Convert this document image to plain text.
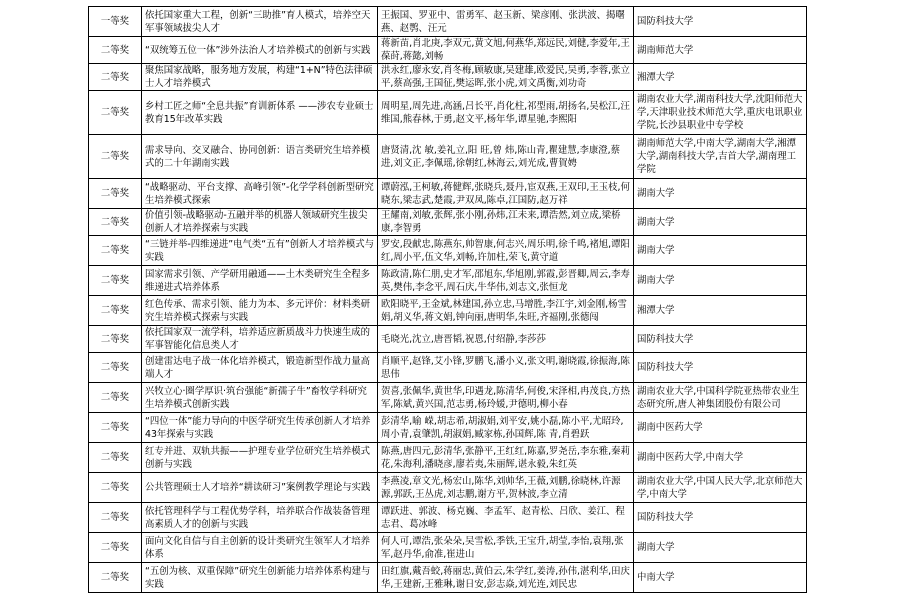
一等奖	依托国家重大工程，创新“三助推”育人模式，培养空天军事领域拔尖人才	王振国、罗亚中、雷勇军、赵玉新、梁彦刚、张洪波、揭曙燕、赵鹗、汪元	国防科技大学
二等奖	“双统筹五位一体”涉外法治人才培养模式的创新与实践	蒋新苗,肖北庚,李双元,黄文旭,何燕华,郑远民,刘健,李爱年,王葆莳,蒋懿,刘畅	湖南师范大学
二等奖	聚焦国家战略，服务地方发展，构建“1+N”特色法律硕士人才培养模式	洪永红,廖永安,肖冬梅,顾敏康,吴建雄,欧爱民,吴勇,李蓉,张立平,蔡高强,王国征,樊运晖,张小虎,刘文禹衡,刘功奇	湘潭大学
二等奖	乡村工匠之师“全息共振”育训新体系 ——涉农专业硕士教育15年改革实践	周明星,周先进,高涵,吕长平,肖化柱,祁型雨,胡扬名,吴松江,汪维国,熊春林,于勇,赵文平,杨年华,谭星驰,李熙阳	湖南农业大学,湖南科技大学,沈阳师范大学,天津职业技术师范大学,重庆电讯职业学院,长沙县职业中专学校
二等奖	需求导向、交叉融合、协同创新：语言类研究生培养模式的二十年湖南实践	唐贤清,沈 敏,姜礼立,阳 旺,曾 炜,陈山青,瞿建慧,李康澄,蔡 进,刘文正,李佩瑶,徐朝红,林海云,刘光成,曹賀娉	湖南师范大学,中南大学,湖南大学,湘潭大学,湖南科技大学,吉首大学,湖南理工学院
二等奖	“战略驱动、平台支撑、高峰引领”-化学学科创新型研究生培养模式探索	谭蔚泓,王柯敏,蒋健辉,张晓兵,聂丹,宦双燕,王双印,王玉枝,何晓东,梁志武,楚霞,尹双凤,陈卓,江国防,赵万祥	湖南大学
二等奖	价值引领-战略驱动-五融并举的机器人领域研究生拔尖创新人才培养探索与实践	王耀南,刘敏,张辉,张小刚,孙炜,江未来,谭浩然,刘立成,梁桥康,李智勇	湖南大学
二等奖	“三链并举-四维递进”电气类“五有”创新人才培养模式与实践	罗安,段献忠,陈燕东,帅智康,何志兴,周乐明,徐千鸣,褚旭,谭阳红,周小平,伍文华,刘畅,许加柱,荣飞,黄守道	湖南大学
二等奖	国家需求引领、产学研用融通——土木类研究生全程多维递进式培养体系	陈政清,陈仁朋,史才军,邵旭东,华旭刚,郭霞,彭晋卿,周云,李寿英,樊伟,李念平,周石庆,牛华伟,刘志文,张恒龙	湖南大学
二等奖	红色传承、需求引领、能力为本、多元评价：材料类研究生培养模式探索与实践	欧阳晓平,王金斌,林建国,孙立忠,马增胜,李江宇,刘金刚,杨雪娟,胡义华,蒋文娟,钟向丽,唐明华,朱旺,齐福刚,张德闯	湘潭大学
二等奖	依托国家双一流学科，培养适应新质战斗力快速生成的军事智能化信息类人才	毛晓光,沈立,唐晋韬,祝恩,付绍静,李莎莎	国防科技大学
二等奖	创建雷达电子战一体化培养模式，锻造新型作战力量高端人才	肖顺平,赵锋,艾小锋,罗鹏飞,潘小义,张文明,谢晓霞,徐振海,陈思伟	国防科技大学
二等奖	兴牧立心·圈学厚识·筑台强能“新孺子牛”畜牧学科研究生培养模式创新实践	贺喜,张佩华,黄世华,印遇龙,陈清华,何俊,宋泽相,冉茂良,方热军,陈斌,黄兴国,范志勇,杨玲媛,尹德明,柳小春	湖南农业大学,中国科学院亚热带农业生态研究所,唐人神集团股份有限公司
二等奖	“四位一体”能力导向的中医学研究生传承创新人才培养43年探索与实践	彭清华,喻 嵘,胡志希,胡淑娟,刘平安,姚小磊,陈小平,尤昭玲,周小青,袁肇凯,胡淑娟,臧家栋,孙国辉,陈 青,肖碧跃	湖南中医药大学
二等奖	红专并进、双轨共振——护理专业学位研究生培养模式创新与实践	陈燕,唐四元,彭清华,张静平,王红红,陈嘉,罗尧岳,李东雅,秦莉花,朱海利,潘晓彦,廖若夷,朱丽辉,谌永毅,朱红英	湖南中医药大学,中南大学
二等奖	公共管理硕士人才培养“耕读研习”案例教学理论与实践	李燕凌,章文光,杨宏山,陈华,刘帅华,王薇,刘鹏,徐晓林,许源源,郭跃,王丛虎,刘志鹏,谢方平,贺林波,李立清	湖南农业大学,中国人民大学,北京师范大学,中南大学
二等奖	依托管理科学与工程优势学科，培养联合作战装备管理高素质人才的创新与实践	谭跃进、郭波、杨克巍、李孟军、赵青松、吕欣、姜江、程志君、葛冰峰	国防科技大学
二等奖	面向文化自信与自主创新的设计类研究生领军人才培养体系	何人可,谭浩,张朵朵,吴雪松,季铁,王宝升,胡莹,李怡,袁翔,张军,赵丹华,俞准,崔进山	湖南大学
二等奖	“五创为核、双重保障”研究生创新能力培养体系构建与实践	田红旗,戴吾蛟,蒋丽忠,黄伯云,朱学红,姜涛,孙伟,湛利华,田庆华,王建新,王雅琳,谢日安,彭志焱,刘光连,刘民忠	中南大学
